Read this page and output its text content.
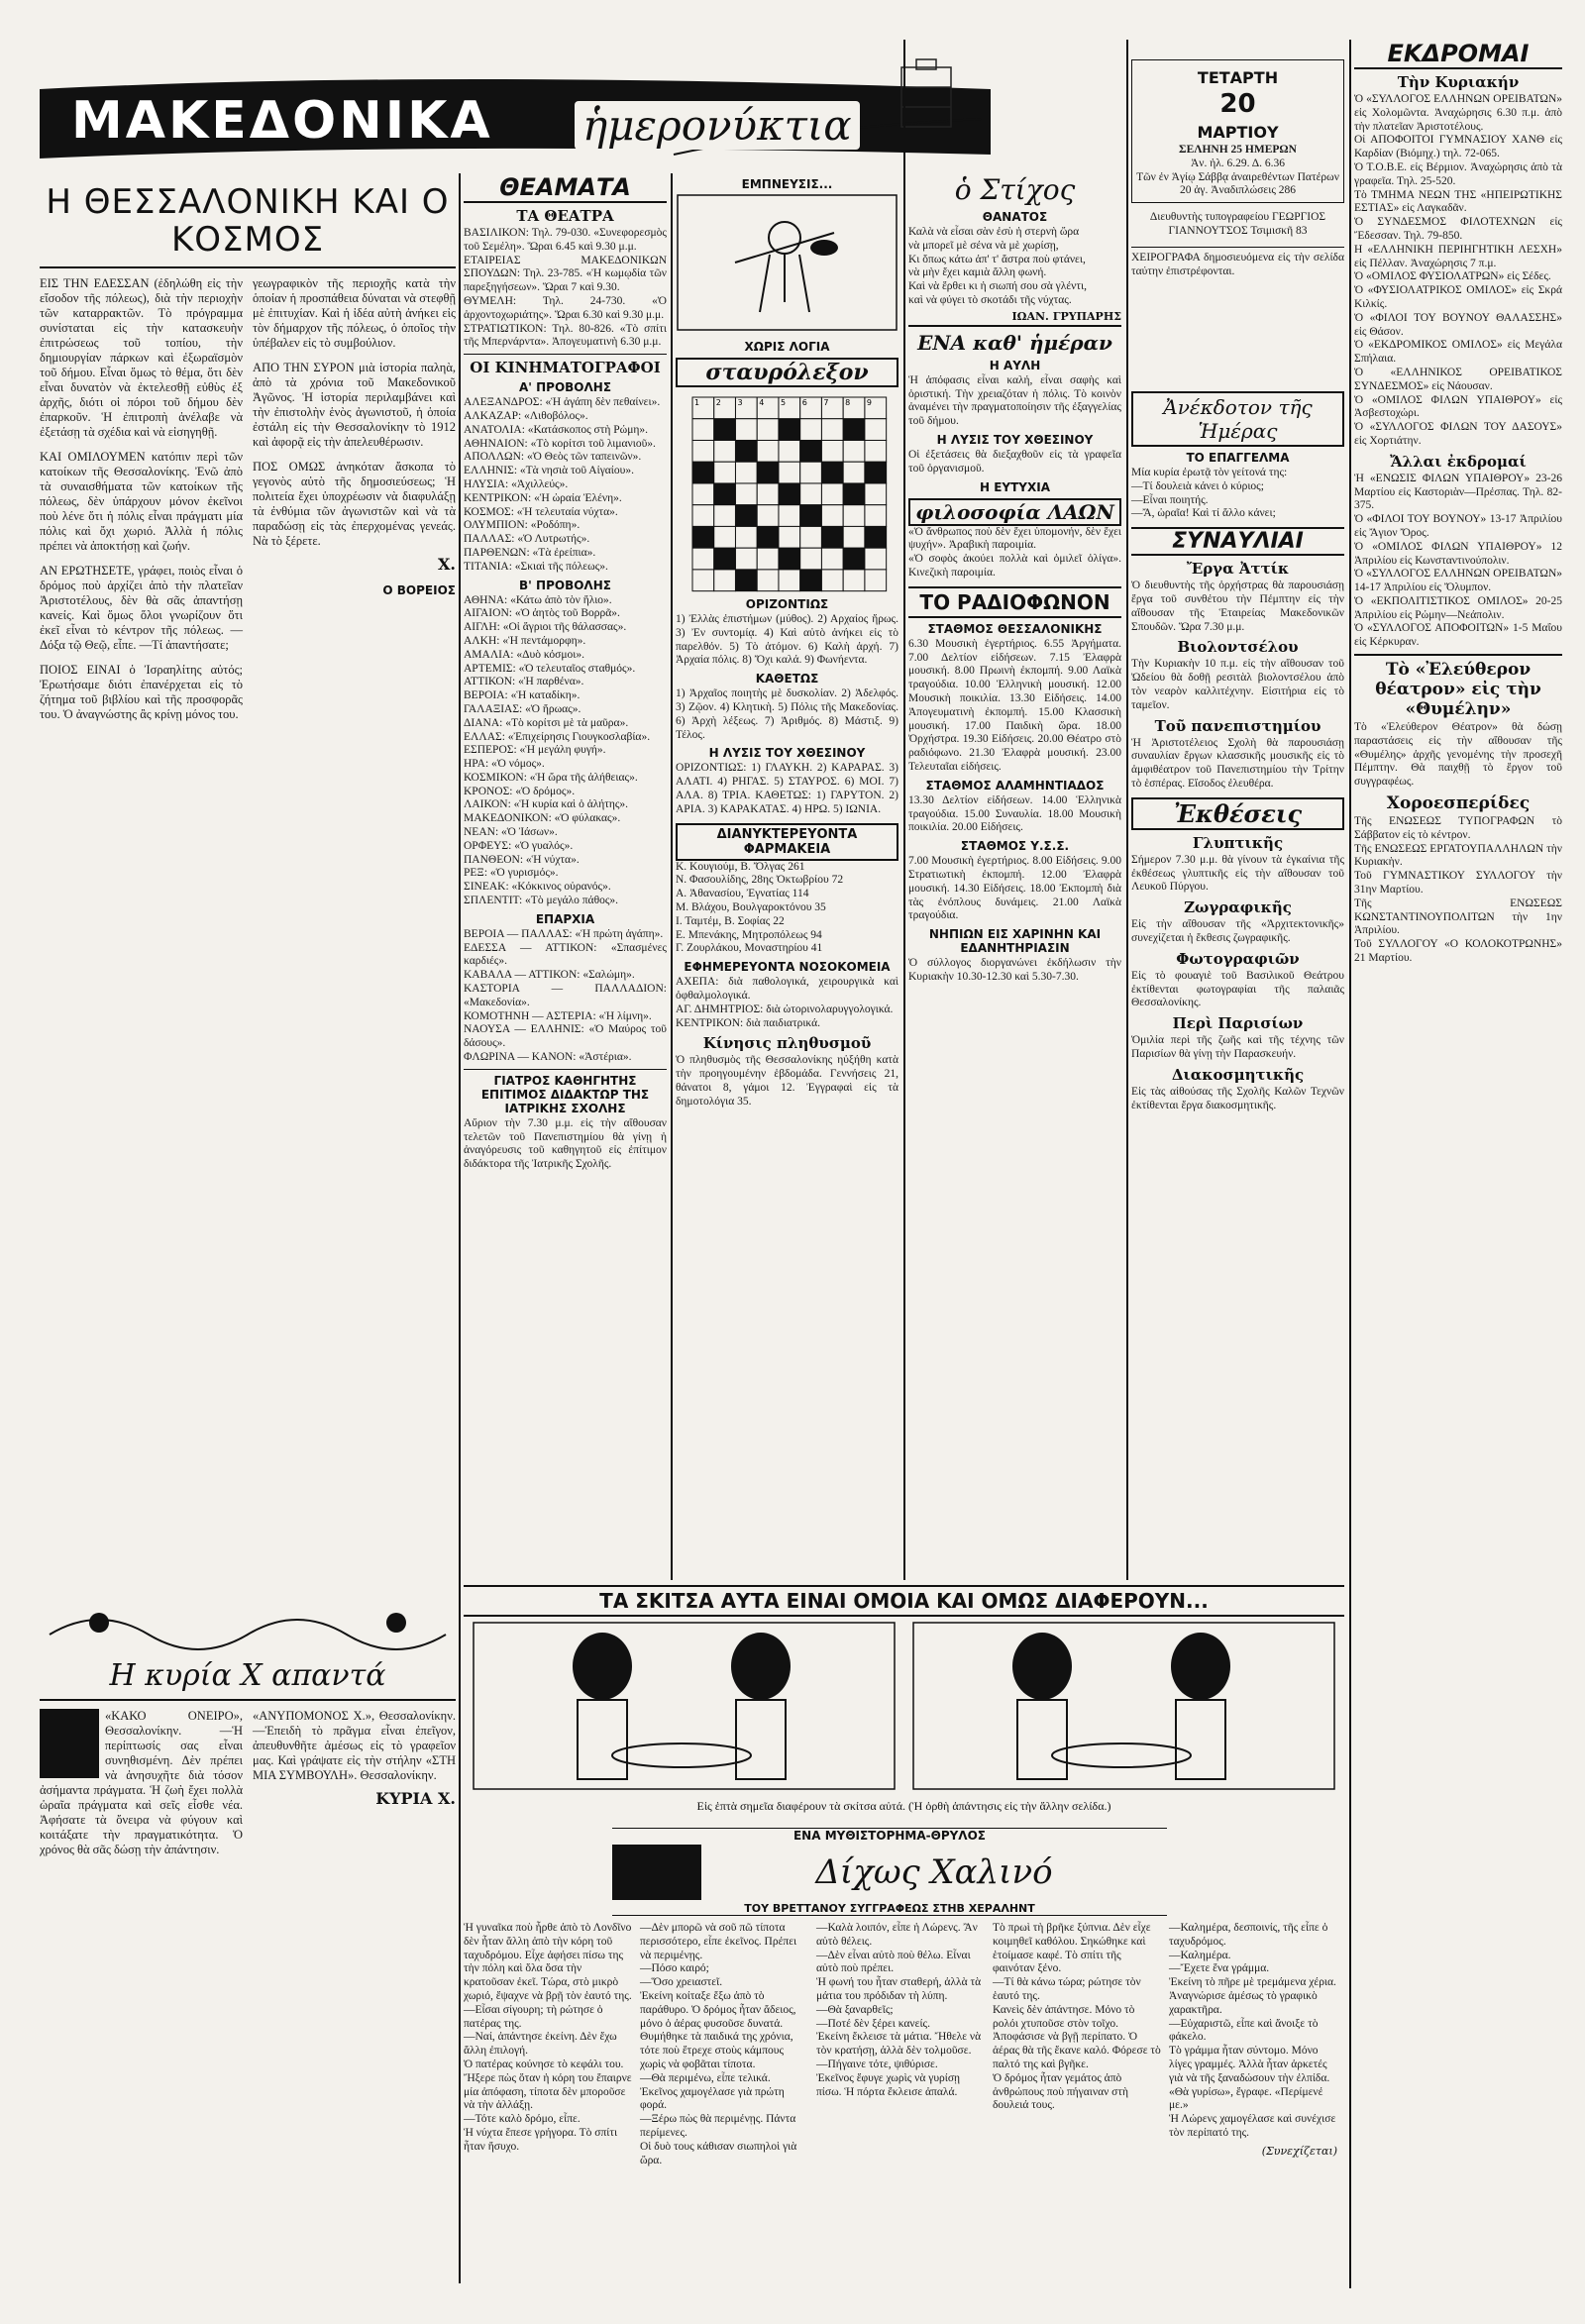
ΜΑΚΕΔΟΝΙΚΑ ἡμερονύκτια
Η ΘΕΣΣΑΛΟΝΙΚΗ ΚΑΙ Ο ΚΟΣΜΟΣ

ΕΙΣ ΤΗΝ ΕΔΕΣΣΑΝ (ἐδηλώθη εἰς τὴν εἴσοδον τῆς πόλεως), διὰ τὴν περιοχὴν τῶν καταρρακτῶν. Τὸ πρόγραμμα συνίσταται εἰς τὴν κατασκευὴν ἐπιτρώσεως τοῦ τοπίου, τὴν δημιουργίαν πάρκων καὶ ἐξωραϊσμὸν τοῦ δήμου. Εἶναι ὅμως τὸ θέμα, ὅτι δὲν εἶναι δυνατὸν νὰ ἐκτελεσθῇ εὐθὺς ἐξ ἀρχῆς, διότι οἱ πόροι τοῦ δήμου δὲν ἐπαρκοῦν. Ἡ ἐπιτροπὴ ἀνέλαβε νὰ ἐξετάσῃ τὰ σχέδια καὶ νὰ εἰσηγηθῇ.

ΚΑΙ ΟΜΙΛΟΥΜΕΝ κατόπιν περὶ τῶν κατοίκων τῆς Θεσσαλονίκης. Ἐνῶ ἀπὸ τὰ συναισθήματα τῶν κατοίκων τῆς πόλεως, δὲν ὑπάρχουν μόνον ἐκεῖνοι ποὺ λένε ὅτι ἡ πόλις εἶναι πράγματι μία πόλις καὶ ὄχι χωριό. Ἀλλὰ ἡ πόλις πρέπει νὰ ἀποκτήσῃ καὶ ζωήν.

ΑΝ ΕΡΩΤΗΣΕΤΕ, γράφει, ποιὸς εἶναι ὁ δρόμος ποὺ ἀρχίζει ἀπὸ τὴν πλατεῖαν Ἀριστοτέλους, δὲν θὰ σᾶς ἀπαντήσῃ κανείς. Καὶ ὅμως ὅλοι γνωρίζουν ὅτι ἐκεῖ εἶναι τὸ κέντρον τῆς πόλεως. —Δόξα τῷ Θεῷ, εἶπε. —Τί ἀπαντήσατε;

ΠΟΙΟΣ ΕΙΝΑΙ ὁ Ἰσραηλίτης αὐτός; Ἐρωτήσαμε διότι ἐπανέρχεται εἰς τὸ ζήτημα τοῦ βιβλίου καὶ τῆς προσφορᾶς του. Ὁ ἀναγνώστης ἂς κρίνῃ μόνος του.

γεωγραφικὸν τῆς περιοχῆς κατὰ τὴν ὁποίαν ἡ προσπάθεια δύναται νὰ στεφθῇ μὲ ἐπιτυχίαν. Καὶ ἡ ἰδέα αὐτὴ ἀνήκει εἰς τὸν δήμαρχον τῆς πόλεως, ὁ ὁποῖος τὴν ὑπέβαλεν εἰς τὸ συμβούλιον.

ΑΠΟ ΤΗΝ ΣΥΡΟΝ μιὰ ἰστορία παληὰ, ἀπὸ τὰ χρόνια τοῦ Μακεδονικοῦ Ἀγῶνος. Ἡ ἱστορία περιλαμβάνει καὶ τὴν ἐπιστολὴν ἑνὸς ἀγωνιστοῦ, ἡ ὁποία ἐστάλη εἰς τὴν Θεσσαλονίκην τὸ 1912 καὶ ἀφορᾷ εἰς τὴν ἀπελευθέρωσιν.

ΠΟΣ ΟΜΩΣ ἀνηκόταν ἄσκοπα τὸ γεγονὸς αὐτὸ τῆς δημοσιεύσεως; Ἡ πολιτεία ἔχει ὑποχρέωσιν νὰ διαφυλάξῃ τὰ ἐνθύμια τῶν ἀγωνιστῶν καὶ νὰ τὰ παραδώσῃ εἰς τὰς ἐπερχομένας γενεάς. Νὰ τὸ ξέρετε.

Χ.

Ο ΒΟΡΕΙΟΣ

Η κυρία Χ απαντά

«ΚΑΚΟ ΟΝΕΙΡΟ», Θεσσαλονίκην. —Ἡ περίπτωσίς σας εἶναι συνηθισμένη. Δὲν πρέπει νὰ ἀνησυχῆτε διὰ τόσον ἀσήμαντα πράγματα. Ἡ ζωὴ ἔχει πολλὰ ὡραῖα πράγματα καὶ σεῖς εἶσθε νέα. Ἀφήσατε τὰ ὄνειρα νὰ φύγουν καὶ κοιτάξατε τὴν πραγματικότητα. Ὁ χρόνος θὰ σᾶς δώσῃ τὴν ἀπάντησιν.

«ΑΝΥΠΟΜΟΝΟΣ Χ.», Θεσσαλονίκην. —Ἐπειδὴ τὸ πρᾶγμα εἶναι ἐπεῖγον, ἀπευθυνθῆτε ἀμέσως εἰς τὸ γραφεῖον μας. Καὶ γράψατε εἰς τὴν στήλην «ΣΤΗ ΜΙΑ ΣΥΜΒΟΥΛΗ». Θεσσαλονίκην.

ΚΥΡΙΑ Χ.

ΘΕΑΜΑΤΑ
ΤΑ ΘΕΑΤΡΑ

ΒΑΣΙΛΙΚΟΝ: Τηλ. 79-030. «Συνεφορεσμὸς τοῦ Σεμέλη». Ὥραι 6.45 καὶ 9.30 μ.μ.
ΕΤΑΙΡΕΙΑΣ ΜΑΚΕΔΟΝΙΚΩΝ ΣΠΟΥΔΩΝ: Τηλ. 23-785. «Ἡ κωμῳδία τῶν παρεξηγήσεων». Ὥραι 7 καὶ 9.30.
ΘΥΜΕΛΗ: Τηλ. 24-730. «Ὁ ἀρχοντοχωριάτης». Ὥραι 6.30 καὶ 9.30 μ.μ.
ΣΤΡΑΤΙΩΤΙΚΟΝ: Τηλ. 80-826. «Τὸ σπίτι τῆς Μπερνάρντα». Ἀπογευματινὴ 6.30 μ.μ.

ΟΙ ΚΙΝΗΜΑΤΟΓΡΑΦΟΙ
Α' ΠΡΟΒΟΛΗΣ

ΑΛΕΞΑΝΔΡΟΣ: «Ἡ ἀγάπη δὲν πεθαίνει».
ΑΛΚΑΖΑΡ: «Λιθοβόλος».
ΑΝΑΤΟΛΙΑ: «Κατάσκοπος στὴ Ρώμη».
ΑΘΗΝΑΙΟΝ: «Τὸ κορίτσι τοῦ λιμανιοῦ».
ΑΠΟΛΛΩΝ: «Ὁ Θεὸς τῶν ταπεινῶν».
ΕΛΛΗΝΙΣ: «Τὰ νησιὰ τοῦ Αἰγαίου».
ΗΛΥΣΙΑ: «Ἀχιλλεύς».
ΚΕΝΤΡΙΚΟΝ: «Ἡ ὡραία Ἐλένη».
ΚΟΣΜΟΣ: «Ἡ τελευταία νύχτα».
ΟΛΥΜΠΙΟΝ: «Ροδόπη».
ΠΑΛΛΑΣ: «Ὁ Λυτρωτής».
ΠΑΡΘΕΝΩΝ: «Τὰ ἐρείπια».
ΤΙΤΑΝΙΑ: «Σκιαὶ τῆς πόλεως».

Β' ΠΡΟΒΟΛΗΣ

ΑΘΗΝΑ: «Κάτω ἀπὸ τὸν ἥλιο».
ΑΙΓΑΙΟΝ: «Ὁ ἀητὸς τοῦ Βορρᾶ».
ΑΙΓΛΗ: «Οἱ ἄγριοι τῆς θάλασσας».
ΑΛΚΗ: «Ἡ πεντάμορφη».
ΑΜΑΛΙΑ: «Δυὸ κόσμοι».
ΑΡΤΕΜΙΣ: «Ὁ τελευταῖος σταθμός».
ΑΤΤΙΚΟΝ: «Ἡ παρθένα».
ΒΕΡΟΙΑ: «Ἡ καταδίκη».
ΓΑΛΑΞΙΑΣ: «Ὁ ἥρωας».
ΔΙΑΝΑ: «Τὸ κορίτσι μὲ τὰ μαῦρα».
ΕΛΛΑΣ: «Ἐπιχείρησις Γιουγκοσλαβία».
ΕΣΠΕΡΟΣ: «Ἡ μεγάλη φυγή».
ΗΡΑ: «Ὁ νόμος».
ΚΟΣΜΙΚΟΝ: «Ἡ ὥρα τῆς ἀλήθειας».
ΚΡΟΝΟΣ: «Ὁ δρόμος».
ΛΑΙΚΟΝ: «Ἡ κυρία καὶ ὁ ἀλήτης».
ΜΑΚΕΔΟΝΙΚΟΝ: «Ὁ φύλακας».
ΝΕΑΝ: «Ὁ Ἰάσων».
ΟΡΦΕΥΣ: «Ὁ γυαλός».
ΠΑΝΘΕΟΝ: «Ἡ νύχτα».
ΡΕΞ: «Ὁ γυρισμός».
ΣΙΝΕΑΚ: «Κόκκινος οὐρανός».
ΣΠΛΕΝΤΙΤ: «Τὸ μεγάλο πάθος».

ΕΠΑΡΧΙΑ

ΒΕΡΟΙΑ — ΠΑΛΛΑΣ: «Ἡ πρώτη ἀγάπη».
ΕΔΕΣΣΑ — ΑΤΤΙΚΟΝ: «Σπασμένες καρδιές».
ΚΑΒΑΛΑ — ΑΤΤΙΚΟΝ: «Σαλώμη».
ΚΑΣΤΟΡΙΑ — ΠΑΛΛΑΔΙΟΝ: «Μακεδονία».
ΚΟΜΟΤΗΝΗ — ΑΣΤΕΡΙΑ: «Ἡ λίμνη».
ΝΑΟΥΣΑ — ΕΛΛΗΝΙΣ: «Ὁ Μαύρος τοῦ δάσους».
ΦΛΩΡΙΝΑ — ΚΑΝΟΝ: «Ἀστέρια».

ΓΙΑΤΡΟΣ ΚΑΘΗΓΗΤΗΣ ΕΠΙΤΙΜΟΣ ΔΙΔΑΚΤΩΡ ΤΗΣ ΙΑΤΡΙΚΗΣ ΣΧΟΛΗΣ

Αὔριον τὴν 7.30 μ.μ. εἰς τὴν αἴθουσαν τελετῶν τοῦ Πανεπιστημίου θὰ γίνῃ ἡ ἀναγόρευσις τοῦ καθηγητοῦ εἰς ἐπίτιμον διδάκτορα τῆς Ἰατρικῆς Σχολῆς.

ΕΜΠΝΕΥΣΙΣ...
ΧΩΡΙΣ ΛΟΓΙΑ
σταυρόλεξον
1 2 3 4 5 6 7 8 9
ΟΡΙΖΟΝΤΙΩΣ

1) Ἐλλὰς ἐπιστήμων (μύθος). 2) Αρχαίος ἥρως. 3) Ἐν συντομίᾳ. 4) Καὶ αὐτὸ ἀνήκει εἰς τὸ παρελθόν. 5) Τὸ ἀτόμον. 6) Καλὴ ἀρχή. 7) Ἀρχαία πόλις. 8) Ὄχι καλά. 9) Φωνήεντα.

ΚΑΘΕΤΩΣ

1) Ἀρχαῖος ποιητὴς μὲ δυσκολίαν. 2) Ἀδελφός. 3) Ζῷον. 4) Κλητικὴ. 5) Πόλις τῆς Μακεδονίας. 6) Ἀρχὴ λέξεως. 7) Ἀριθμός. 8) Μάστιξ. 9) Τέλος.

Η ΛΥΣΙΣ ΤΟΥ ΧΘΕΣΙΝΟΥ

ΟΡΙΖΟΝΤΙΩΣ: 1) ΓΛΑΥΚΗ. 2) ΚΑΡΑΡΑΣ. 3) ΑΛΑΤΙ. 4) ΡΗΓΑΣ. 5) ΣΤΑΥΡΟΣ. 6) ΜΟΙ. 7) ΑΛΑ. 8) ΤΡΙΑ. ΚΑΘΕΤΩΣ: 1) ΓΑΡΥΤΟΝ. 2) ΑΡΙΑ. 3) ΚΑΡΑΚΑΤΑΣ. 4) ΗΡΩ. 5) ΙΩΝΙΑ.

ΔΙΑΝΥΚΤΕΡΕΥΟΝΤΑ ΦΑΡΜΑΚΕΙΑ

Κ. Κουγιούμ, Β. Ὄλγας 261
Ν. Φασουλίδης, 28ης Ὀκτωβρίου 72
Α. Ἀθανασίου, Ἐγνατίας 114
Μ. Βλάχου, Βουλγαροκτόνου 35
Ι. Ταμτέμ, Β. Σοφίας 22
Ε. Μπενάκης, Μητροπόλεως 94
Γ. Ζουρλάκου, Μοναστηρίου 41

ΕΦΗΜΕΡΕΥΟΝΤΑ ΝΟΣΟΚΟΜΕΙΑ

ΑΧΕΠΑ: διὰ παθολογικά, χειρουργικὰ καὶ ὀφθαλμολογικά.
ΑΓ. ΔΗΜΗΤΡΙΟΣ: διὰ ὠτορινολαρυγγολογικά.
ΚΕΝΤΡΙΚΟΝ: διὰ παιδιατρικά.

Κίνησις πληθυσμοῦ

Ὁ πληθυσμὸς τῆς Θεσσαλονίκης ηὐξήθη κατὰ τὴν προηγουμένην ἑβδομάδα. Γεννήσεις 21, θάνατοι 8, γάμοι 12. Ἐγγραφαὶ εἰς τὰ δημοτολόγια 35.

ὁ Στίχος
ΘΑΝΑΤΟΣ

Καλὰ νὰ εἶσαι σὰν ἐσὺ ἡ στερνὴ ὥρα
νὰ μπορεῖ μὲ σένα νὰ μὲ χωρίσῃ,
Κι ὅπως κάτω ἀπ' τ' ἄστρα ποὺ φτάνει,
νὰ μὴν ἔχει καμιὰ ἄλλη φωνή.
Καὶ νὰ ἔρθει κι ἡ σιωπή σου σὰ γλέντι,
καὶ νὰ φύγει τὸ σκοτάδι τῆς νύχτας.

ΙΩΑΝ. ΓΡΥΠΑΡΗΣ

ΕΝΑ καθ' ἡμέραν
Η ΑΥΛΗ

Ἡ ἀπόφασις εἶναι καλή, εἶναι σαφὴς καὶ ὁριστική. Τὴν χρειαζόταν ἡ πόλις. Τὸ κοινὸν ἀναμένει τὴν πραγματοποίησιν τῆς ἐξαγγελίας τοῦ δήμου.

Η ΛΥΣΙΣ ΤΟΥ ΧΘΕΣΙΝΟΥ

Οἱ ἐξετάσεις θὰ διεξαχθοῦν εἰς τὰ γραφεῖα τοῦ ὀργανισμοῦ.

Η ΕΥΤΥΧΙΑ
φιλοσοφία ΛΑΩΝ

«Ὁ ἄνθρωπος ποὺ δὲν ἔχει ὑπομονήν, δὲν ἔχει ψυχήν». Ἀραβικὴ παροιμία.
«Ὁ σοφὸς ἀκούει πολλὰ καὶ ὁμιλεῖ ὀλίγα». Κινεζικὴ παροιμία.

ΤΟ ΡΑΔΙΟΦΩΝΟΝ
ΣΤΑΘΜΟΣ ΘΕΣΣΑΛΟΝΙΚΗΣ

6.30 Μουσικὴ ἐγερτήριος. 6.55 Ἀργήματα. 7.00 Δελτίον εἰδήσεων. 7.15 Ἐλαφρὰ μουσική. 8.00 Πρωινὴ ἐκπομπή. 9.00 Λαϊκὰ τραγούδια. 10.00 Ἑλληνικὴ μουσική. 12.00 Μουσικὴ ποικιλία. 13.30 Εἰδήσεις. 14.00 Ἀπογευματινὴ ἐκπομπή. 15.00 Κλασσικὴ μουσική. 17.00 Παιδικὴ ὥρα. 18.00 Ὀρχήστρα. 19.30 Εἰδήσεις. 20.00 Θέατρο στὸ ραδιόφωνο. 21.30 Ἐλαφρὰ μουσική. 23.00 Τελευταῖαι εἰδήσεις.

ΣΤΑΘΜΟΣ ΑΛΑΜΗΝΤΙΑΔΟΣ

13.30 Δελτίον εἰδήσεων. 14.00 Ἑλληνικὰ τραγούδια. 15.00 Συναυλία. 18.00 Μουσικὴ ποικιλία. 20.00 Εἰδήσεις.

ΣΤΑΘΜΟΣ Υ.Σ.Σ.

7.00 Μουσικὴ ἐγερτήριος. 8.00 Εἰδήσεις. 9.00 Στρατιωτικὴ ἐκπομπή. 12.00 Ἐλαφρὰ μουσική. 14.30 Εἰδήσεις. 18.00 Ἐκπομπὴ διὰ τὰς ἐνόπλους δυνάμεις. 21.00 Λαϊκὰ τραγούδια.

ΝΗΠΙΩΝ ΕΙΣ ΧΑΡΙΝΗΝ ΚΑΙ ΕΔΑΝΗΤΗΡΙΑΣΙΝ

Ὁ σύλλογος διοργανώνει ἐκδήλωσιν τὴν Κυριακὴν 10.30-12.30 καὶ 5.30-7.30.

ΤΕΤΑΡΤΗ
20
ΜΑΡΤΙΟΥ

ΣΕΛΗΝΗ 25 ΗΜΕΡΩΝ

Ἀν. ἡλ. 6.29. Δ. 6.36

Τῶν ἐν Ἁγίῳ Σάββᾳ ἀναιρεθέντων Πατέρων 20 ἁγ. Ἀναδιπλώσεις 286

Διευθυντὴς τυπογραφείου ΓΕΩΡΓΙΟΣ ΓΙΑΝΝΟΥΤΣΟΣ Τσιμισκῆ 83

ΧΕΙΡΟΓΡΑΦΑ δημοσιευόμενα εἰς τὴν σελίδα ταύτην ἐπιστρέφονται.

Ἀνέκδοτον τῆς Ἡμέρας
ΤΟ ΕΠΑΓΓΕΛΜΑ

Μία κυρία ἐρωτᾷ τὸν γείτονά της:
—Τί δουλειὰ κάνει ὁ κύριος;
—Εἶναι ποιητής.
—Ἄ, ὡραῖα! Καὶ τί ἄλλο κάνει;

ΣΥΝΑΥΛΙΑΙ
Ἔργα Ἀττίκ

Ὁ διευθυντὴς τῆς ὀρχήστρας θὰ παρουσιάσῃ ἔργα τοῦ συνθέτου τὴν Πέμπτην εἰς τὴν αἴθουσαν τῆς Ἑταιρείας Μακεδονικῶν Σπουδῶν. Ὥρα 7.30 μ.μ.

Βιολοντσέλου

Τὴν Κυριακὴν 10 π.μ. εἰς τὴν αἴθουσαν τοῦ Ὠδείου θὰ δοθῇ ρεσιτὰλ βιολοντσέλου ἀπὸ τὸν νεαρὸν καλλιτέχνην. Εἰσιτήρια εἰς τὸ ταμεῖον.

Τοῦ πανεπιστημίου

Ἡ Ἀριστοτέλειος Σχολὴ θὰ παρουσιάσῃ συναυλίαν ἔργων κλασσικῆς μουσικῆς εἰς τὸ ἀμφιθέατρον τοῦ Πανεπιστημίου τὴν Τρίτην τὸ ἑσπέρας. Εἴσοδος ἐλευθέρα.

Ἐκθέσεις
Γλυπτικῆς

Σήμερον 7.30 μ.μ. θὰ γίνουν τὰ ἐγκαίνια τῆς ἐκθέσεως γλυπτικῆς εἰς τὴν αἴθουσαν τοῦ Λευκοῦ Πύργου.

Ζωγραφικῆς

Εἰς τὴν αἴθουσαν τῆς «Ἀρχιτεκτονικῆς» συνεχίζεται ἡ ἔκθεσις ζωγραφικῆς.

Φωτογραφιῶν

Εἰς τὸ φουαγιὲ τοῦ Βασιλικοῦ Θεάτρου ἐκτίθενται φωτογραφίαι τῆς παλαιᾶς Θεσσαλονίκης.

Περὶ Παρισίων

Ὁμιλία περὶ τῆς ζωῆς καὶ τῆς τέχνης τῶν Παρισίων θὰ γίνῃ τὴν Παρασκευήν.

Διακοσμητικῆς

Εἰς τὰς αἰθούσας τῆς Σχολῆς Καλῶν Τεχνῶν ἐκτίθενται ἔργα διακοσμητικῆς.

ΕΚΔΡΟΜΑΙ
Τὴν Κυριακήν

Ὁ «ΣΥΛΛΟΓΟΣ ΕΛΛΗΝΩΝ ΟΡΕΙΒΑΤΩΝ» εἰς Χολομῶντα. Ἀναχώρησις 6.30 π.μ. ἀπὸ τὴν πλατεῖαν Ἀριστοτέλους.
Οἱ ΑΠΟΦΟΙΤΟΙ ΓΥΜΝΑΣΙΟΥ ΧΑΝΘ εἰς Καρδίαν (Βιόμηχ.) τηλ. 72-065.
Ὁ Τ.Ο.Β.Ε. εἰς Βέρμιον. Ἀναχώρησις ἀπὸ τὰ γραφεῖα. Τηλ. 25-520.
Τὸ ΤΜΗΜΑ ΝΕΩΝ ΤΗΣ «ΗΠΕΙΡΩΤΙΚΗΣ ΕΣΤΙΑΣ» εἰς Λαγκαδᾶν.
Ὁ ΣΥΝΔΕΣΜΟΣ ΦΙΛΟΤΕΧΝΩΝ εἰς Ἔδεσσαν. Τηλ. 79-850.
Η «ΕΛΛΗΝΙΚΗ ΠΕΡΙΗΓΗΤΙΚΗ ΛΕΣΧΗ» εἰς Πέλλαν. Ἀναχώρησις 7 π.μ.
Ὁ «ΟΜΙΛΟΣ ΦΥΣΙΟΛΑΤΡΩΝ» εἰς Σέδες.
Ὁ «ΦΥΣΙΟΛΑΤΡΙΚΟΣ ΟΜΙΛΟΣ» εἰς Σκρά Κιλκίς.
Ὁ «ΦΙΛΟΙ ΤΟΥ ΒΟΥΝΟΥ ΘΑΛΑΣΣΗΣ» εἰς Θάσον.
Ὁ «ΕΚΔΡΟΜΙΚΟΣ ΟΜΙΛΟΣ» εἰς Μεγάλα Σπήλαια.
Ὁ «ΕΛΛΗΝΙΚΟΣ ΟΡΕΙΒΑΤΙΚΟΣ ΣΥΝΔΕΣΜΟΣ» εἰς Νάουσαν.
Ὁ «ΟΜΙΛΟΣ ΦΙΛΩΝ ΥΠΑΙΘΡΟΥ» εἰς Ἀσβεστοχώρι.
Ὁ «ΣΥΛΛΟΓΟΣ ΦΙΛΩΝ ΤΟΥ ΔΑΣΟΥΣ» εἰς Χορτιάτην.

Ἄλλαι ἐκδρομαί

Ἡ «ΕΝΩΣΙΣ ΦΙΛΩΝ ΥΠΑΙΘΡΟΥ» 23-26 Μαρτίου εἰς Καστοριὰν—Πρέσπας. Τηλ. 82-375.
Ὁ «ΦΙΛΟΙ ΤΟΥ ΒΟΥΝΟΥ» 13-17 Ἀπριλίου εἰς Ἄγιον Ὄρος.
Ὁ «ΟΜΙΛΟΣ ΦΙΛΩΝ ΥΠΑΙΘΡΟΥ» 12 Ἀπριλίου εἰς Κωνσταντινούπολιν.
Ὁ «ΣΥΛΛΟΓΟΣ ΕΛΛΗΝΩΝ ΟΡΕΙΒΑΤΩΝ» 14-17 Ἀπριλίου εἰς Ὄλυμπον.
Ὁ «ΕΚΠΟΛΙΤΙΣΤΙΚΟΣ ΟΜΙΛΟΣ» 20-25 Ἀπριλίου εἰς Ρώμην—Νεάπολιν.
Ὁ «ΣΥΛΛΟΓΟΣ ΑΠΟΦΟΙΤΩΝ» 1-5 Μαΐου εἰς Κέρκυραν.

Τὸ «Ἐλεύθερον θέατρον» εἰς τὴν «Θυμέλην»

Τὸ «Ἐλεύθερον Θέατρον» θὰ δώσῃ παραστάσεις εἰς τὴν αἴθουσαν τῆς «Θυμέλης» ἀρχῆς γενομένης τὴν προσεχῆ Πέμπτην. Θὰ παιχθῇ τὸ ἔργον τοῦ συγγραφέως.

Χοροεσπερίδες

Τῆς ΕΝΩΣΕΩΣ ΤΥΠΟΓΡΑΦΩΝ τὸ Σάββατον εἰς τὸ κέντρον.
Τῆς ΕΝΩΣΕΩΣ ΕΡΓΑΤΟΥΠΑΛΛΗΛΩΝ τὴν Κυριακὴν.
Τοῦ ΓΥΜΝΑΣΤΙΚΟΥ ΣΥΛΛΟΓΟΥ τὴν 31ην Μαρτίου.
Τῆς ΕΝΩΣΕΩΣ ΚΩΝΣΤΑΝΤΙΝΟΥΠΟΛΙΤΩΝ τὴν 1ην Ἀπριλίου.
Τοῦ ΣΥΛΛΟΓΟΥ «Ο ΚΟΛΟΚΟΤΡΩΝΗΣ» 21 Μαρτίου.

ΤΑ ΣΚΙΤΣΑ ΑΥΤΑ ΕΙΝΑΙ ΟΜΟΙΑ ΚΑΙ ΟΜΩΣ ΔΙΑΦΕΡΟΥΝ...
Εἰς ἑπτὰ σημεῖα διαφέρουν τὰ σκίτσα αὐτά. (Ἡ ὀρθὴ ἀπάντησις εἰς τὴν ἄλλην σελίδα.)
ΕΝΑ ΜΥΘΙΣΤΟΡΗΜΑ-ΘΡΥΛΟΣ
Δίχως Χαλινό
ΤΟΥ ΒΡΕΤΤΑΝΟΥ ΣΥΓΓΡΑΦΕΩΣ ΣΤΗΒ ΧΕΡΑΛΗΝΤ

Ἡ γυναῖκα ποὺ ἦρθε ἀπὸ τὸ Λονδῖνο δὲν ἦταν ἄλλη ἀπὸ τὴν κόρη τοῦ ταχυδρόμου. Εἶχε ἀφήσει πίσω της τὴν πόλη καὶ ὅλα ὅσα τὴν κρατοῦσαν ἐκεῖ. Τώρα, στὸ μικρὸ χωριό, ἔψαχνε νὰ βρῇ τὸν ἑαυτό της.
—Εἶσαι σίγουρη; τὴ ρώτησε ὁ πατέρας της.
—Ναί, ἀπάντησε ἐκείνη. Δὲν ἔχω ἄλλη ἐπιλογή.
Ὁ πατέρας κούνησε τὸ κεφάλι του. Ἤξερε πὼς ὅταν ἡ κόρη του ἔπαιρνε μία ἀπόφαση, τίποτα δὲν μποροῦσε νὰ τὴν ἀλλάξῃ.
—Τότε καλὸ δρόμο, εἶπε.
Ἡ νύχτα ἔπεσε γρήγορα. Τὸ σπίτι ἦταν ἥσυχο.

—Δὲν μπορῶ νὰ σοῦ πῶ τίποτα περισσότερο, εἶπε ἐκεῖνος. Πρέπει νὰ περιμένῃς.
—Πόσο καιρό;
—Ὅσο χρειαστεῖ.
Ἐκείνη κοίταξε ἔξω ἀπὸ τὸ παράθυρο. Ὁ δρόμος ἦταν ἄδειος, μόνο ὁ ἀέρας φυσοῦσε δυνατά. Θυμήθηκε τὰ παιδικά της χρόνια, τότε ποὺ ἔτρεχε στοὺς κάμπους χωρὶς νὰ φοβᾶται τίποτα.
—Θὰ περιμένω, εἶπε τελικά.
Ἐκεῖνος χαμογέλασε γιὰ πρώτη φορά.
—Ξέρω πὼς θὰ περιμένῃς. Πάντα περίμενες.
Οἱ δυὸ τους κάθισαν σιωπηλοὶ γιὰ ὥρα.

—Καλὰ λοιπόν, εἶπε ἡ Λώρενς. Ἂν αὐτὸ θέλεις.
—Δὲν εἶναι αὐτὸ ποὺ θέλω. Εἶναι αὐτὸ ποὺ πρέπει.
Ἡ φωνή του ἦταν σταθερή, ἀλλὰ τὰ μάτια του πρόδιδαν τὴ λύπη.
—Θὰ ξαναρθεῖς;
—Ποτέ δὲν ξέρει κανείς.
Ἐκείνη ἔκλεισε τὰ μάτια. Ἤθελε νὰ τὸν κρατήσῃ, ἀλλὰ δὲν τολμοῦσε.
—Πήγαινε τότε, ψιθύρισε.
Ἐκεῖνος ἔφυγε χωρὶς νὰ γυρίσῃ πίσω. Ἡ πόρτα ἔκλεισε ἀπαλά.

Τὸ πρωὶ τὴ βρῆκε ξύπνια. Δὲν εἶχε κοιμηθεῖ καθόλου. Σηκώθηκε καὶ ἑτοίμασε καφέ. Τὸ σπίτι τῆς φαινόταν ξένο.
—Τί θὰ κάνω τώρα; ρώτησε τὸν ἑαυτό της.
Κανεὶς δὲν ἀπάντησε. Μόνο τὸ ρολόι χτυποῦσε στὸν τοῖχο.
Ἀποφάσισε νὰ βγῇ περίπατο. Ὁ ἀέρας θὰ τῆς ἔκανε καλό. Φόρεσε τὸ παλτό της καὶ βγῆκε.
Ὁ δρόμος ἦταν γεμάτος ἀπὸ ἀνθρώπους ποὺ πήγαιναν στὴ δουλειά τους.

—Καλημέρα, δεσποινίς, τῆς εἶπε ὁ ταχυδρόμος.
—Καλημέρα.
—Ἔχετε ἕνα γράμμα.
Ἐκείνη τὸ πῆρε μὲ τρεμάμενα χέρια. Ἀναγνώρισε ἀμέσως τὸ γραφικὸ χαρακτῆρα.
—Εὐχαριστῶ, εἶπε καὶ ἄνοιξε τὸ φάκελο.
Τὸ γράμμα ἦταν σύντομο. Μόνο λίγες γραμμές. Ἀλλὰ ἦταν ἀρκετές γιὰ νὰ τῆς ξαναδώσουν τὴν ἐλπίδα.
«Θὰ γυρίσω», ἔγραφε. «Περίμενέ με.»
Ἡ Λώρενς χαμογέλασε καὶ συνέχισε τὸν περίπατό της.

(Συνεχίζεται)
